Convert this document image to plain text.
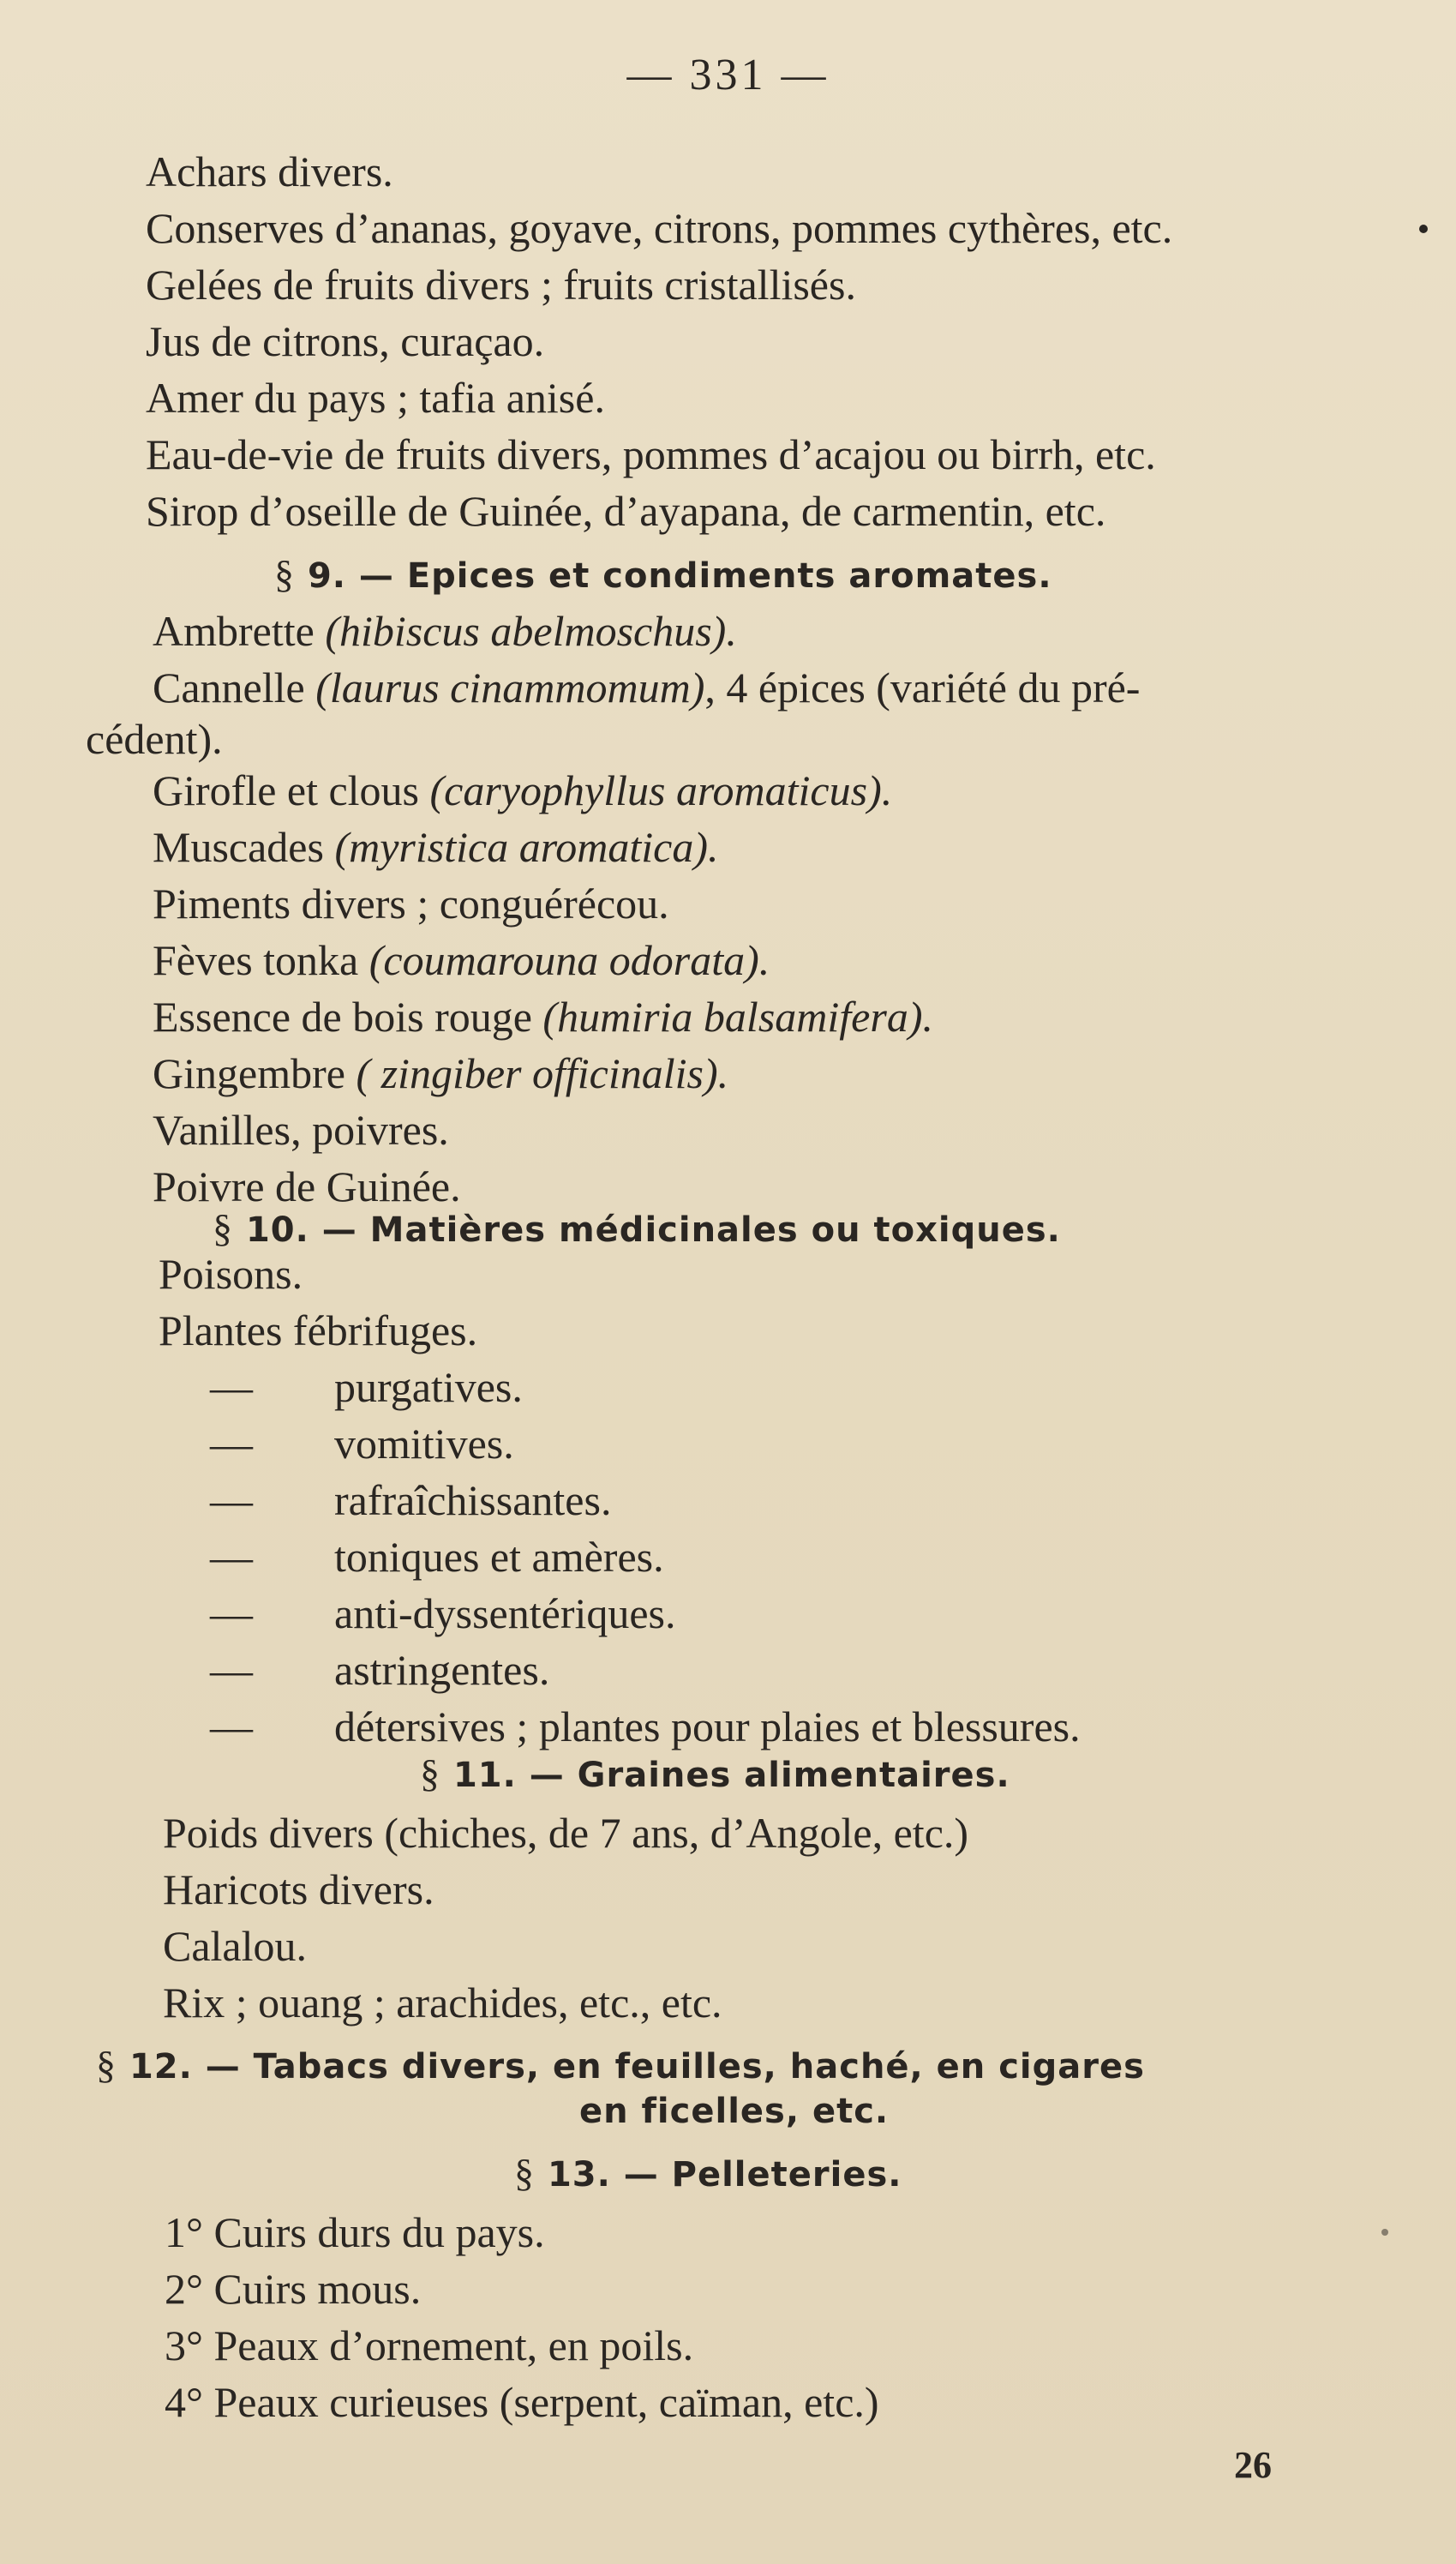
— 331 —
Achars divers.
Conserves d’ananas, goyave, citrons, pommes cythères, etc.
Gelées de fruits divers ; fruits cristallisés.
Jus de citrons, curaçao.
Amer du pays ; tafia anisé.
Eau-de-vie de fruits divers, pommes d’acajou ou birrh, etc.
Sirop d’oseille de Guinée, d’ayapana, de carmentin, etc.
§ 9. — Epices et condiments aromates.
Ambrette (hibiscus abelmoschus).
Cannelle (laurus cinammomum), 4 épices (variété du pré-
cédent).
Girofle et clous (caryophyllus aromaticus).
Muscades (myristica aromatica).
Piments divers ; conguérécou.
Fèves tonka (coumarouna odorata).
Essence de bois rouge (humiria balsamifera).
Gingembre ( zingiber officinalis).
Vanilles, poivres.
Poivre de Guinée.
§ 10. — Matières médicinales ou toxiques.
Poisons.
Plantes fébrifuges.
— purgatives.
— vomitives.
— rafraîchissantes.
— toniques et amères.
— anti-dyssentériques.
— astringentes.
— détersives ; plantes pour plaies et blessures.
§ 11. — Graines alimentaires.
Poids divers (chiches, de 7 ans, d’Angole, etc.)
Haricots divers.
Calalou.
Rix ; ouang ; arachides, etc., etc.
§ 12. — Tabacs divers, en feuilles, haché, en cigares
en ficelles, etc.
§ 13. — Pelleteries.
1° Cuirs durs du pays.
2° Cuirs mous.
3° Peaux d’ornement, en poils.
4° Peaux curieuses (serpent, caïman, etc.)
26
